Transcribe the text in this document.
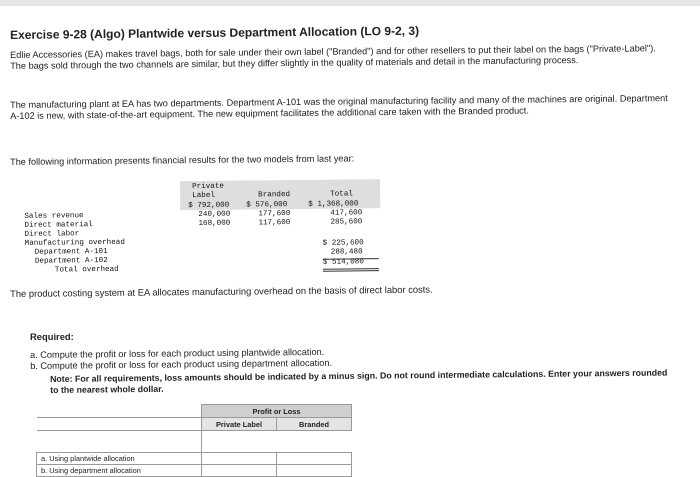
Exercise 9-28 (Algo) Plantwide versus Department Allocation (LO 9-2, 3)

Edlie Accessories (EA) makes travel bags, both for sale under their own label ("Branded") and for other resellers to put their label on the bags ("Private-Label"). The bags sold through the two channels are similar, but they differ slightly in the quality of materials and detail in the manufacturing process.

The manufacturing plant at EA has two departments. Department A-101 was the original manufacturing facility and many of the machines are original. Department A-102 is new, with state-of-the-art equipment. The new equipment facilitates the additional care taken with the Branded product.

The following information presents financial results for the two models from last year:

Private
Label	Branded	Total
Sales revenue
$ 792,000 $ 576,000	$ 1,368,000
Direct material
240,000	177,600	417,600
Direct labor
168,000	117,600	285,600
Manufacturing overhead
Department A-101
$ 225,600
Department A-102
288,480
Total overhead
$ 514,080

The product costing system at EA allocates manufacturing overhead on the basis of direct labor costs.

Required:

a. Compute the profit or loss for each product using plantwide allocation.
b. Compute the profit or loss for each product using department allocation.

Note: For all requirements, loss amounts should be indicated by a minus sign. Do not round intermediate calculations. Enter your answers rounded to the nearest whole dollar.

	Profit or Loss	
	Private Label	Branded

a. Using plantwide allocation		
b. Using department allocation		
